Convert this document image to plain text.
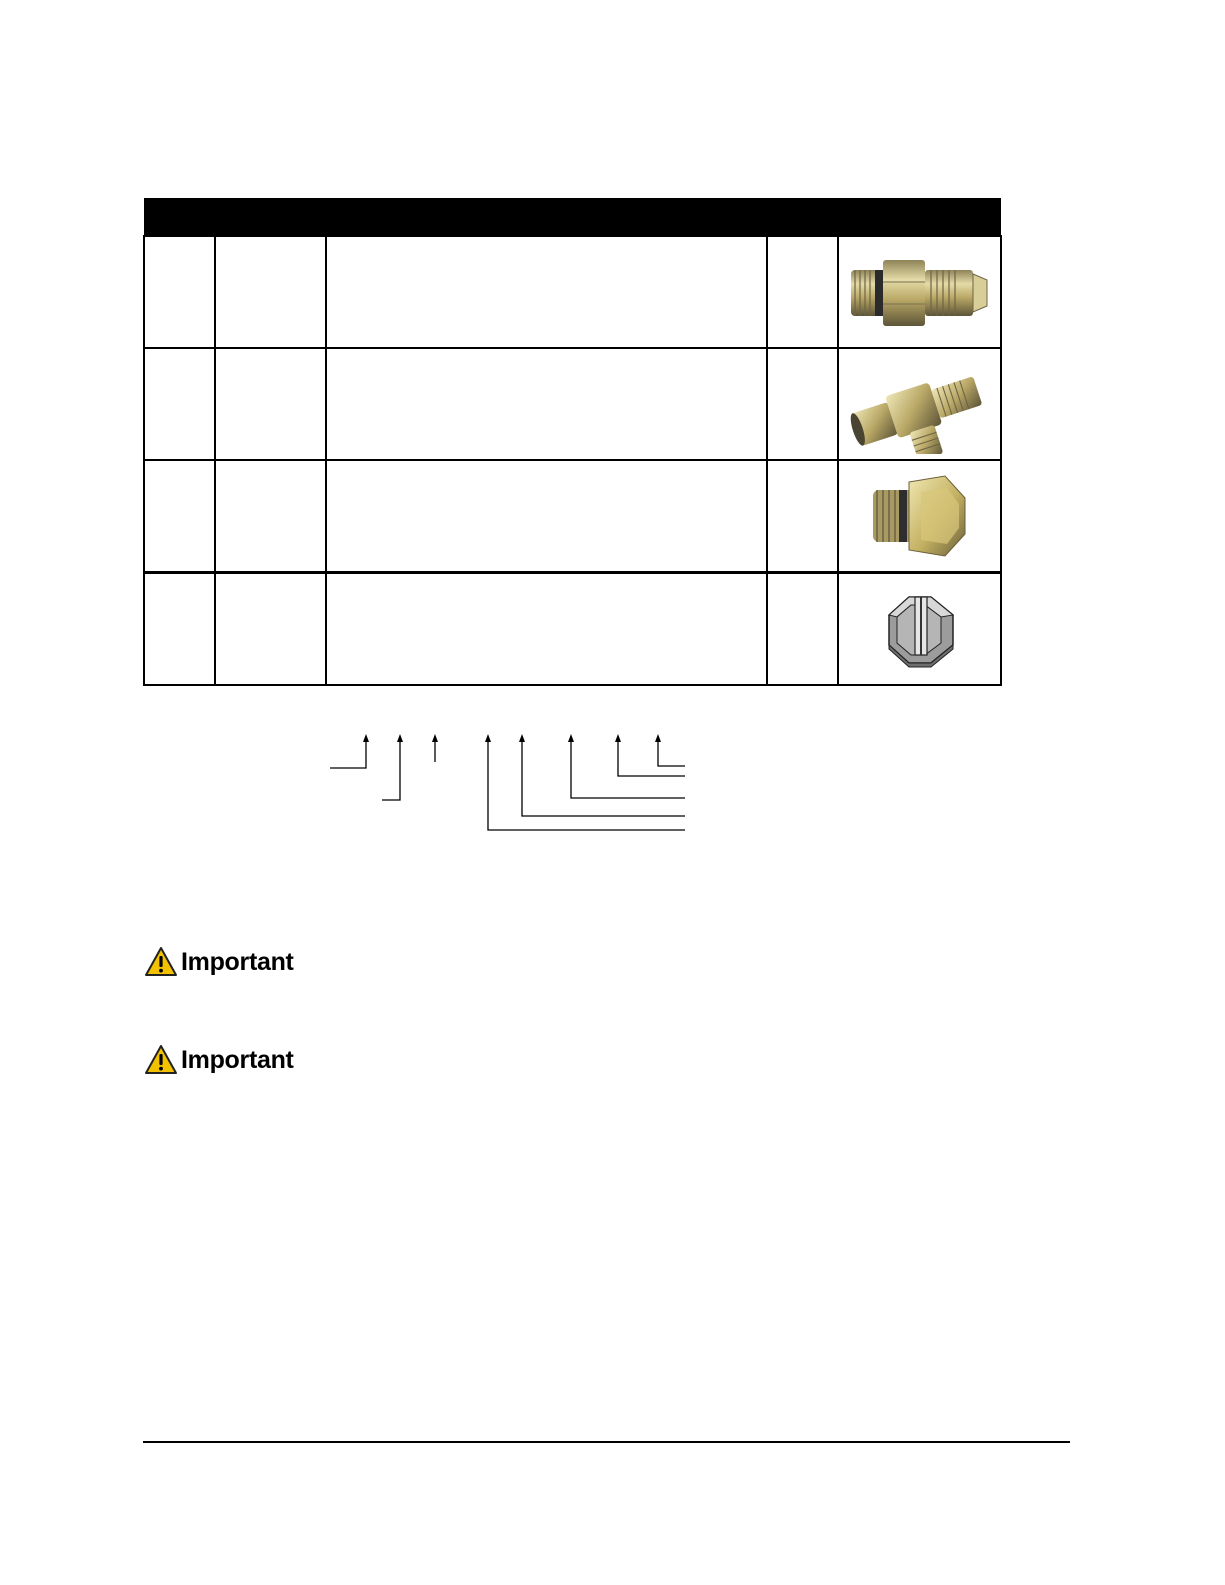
Important
Important
